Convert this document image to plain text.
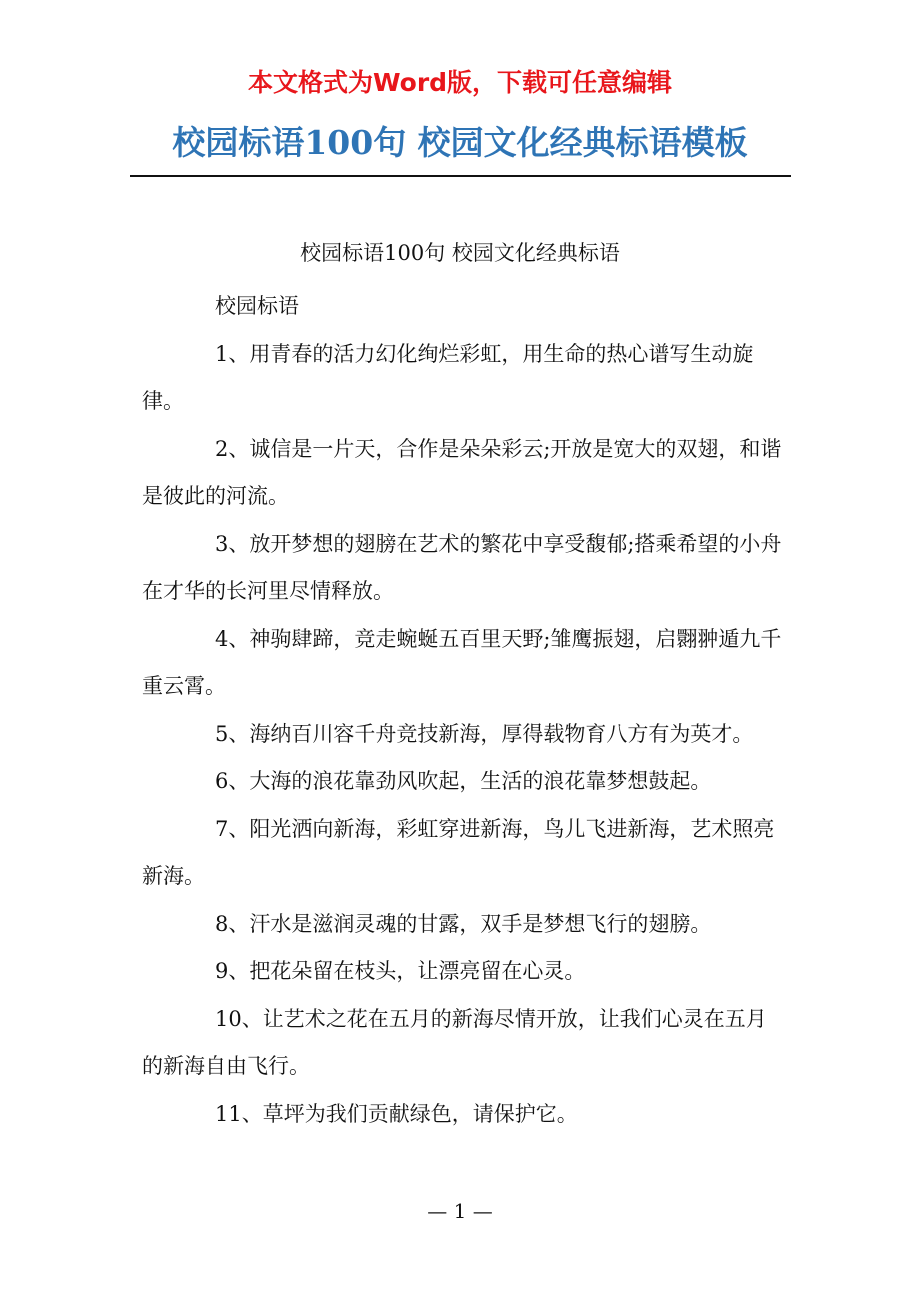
本文格式为Word版，下载可任意编辑
校园标语100句 校园文化经典标语模板
校园标语100句 校园文化经典标语

校园标语

1、用青春的活力幻化绚烂彩虹，用生命的热心谱写生动旋律。

2、诚信是一片天，合作是朵朵彩云;开放是宽大的双翅，和谐是彼此的河流。

3、放开梦想的翅膀在艺术的繁花中享受馥郁;搭乘希望的小舟在才华的长河里尽情释放。

4、神驹肆蹄，竞走蜿蜒五百里天野;雏鹰振翅，启翾翀遁九千重云霄。

5、海纳百川容千舟竞技新海，厚得载物育八方有为英才。

6、大海的浪花靠劲风吹起，生活的浪花靠梦想鼓起。

7、阳光洒向新海，彩虹穿进新海，鸟儿飞进新海，艺术照亮新海。

8、汗水是滋润灵魂的甘露，双手是梦想飞行的翅膀。

9、把花朵留在枝头，让漂亮留在心灵。

10、让艺术之花在五月的新海尽情开放，让我们心灵在五月的新海自由飞行。

11、草坪为我们贡献绿色，请保护它。

— 1 —
